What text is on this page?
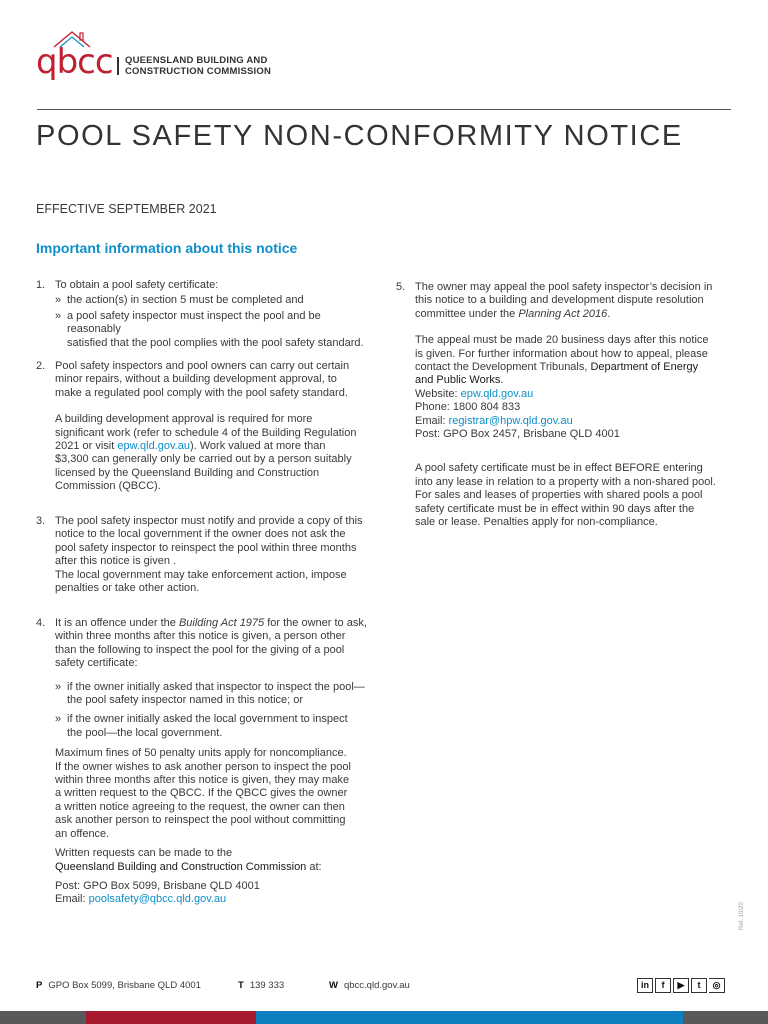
qbcc QUEENSLAND BUILDING AND
CONSTRUCTION COMMISSION
POOL SAFETY NON-CONFORMITY NOTICE
EFFECTIVE SEPTEMBER 2021
Important information about this notice
1. To obtain a pool safety certificate:

» the action(s) in section 5 must be completed and
» a pool safety inspector must inspect the pool and be reasonably
satisfied that the pool complies with the pool safety standard.
2. Pool safety inspectors and pool owners can carry out certain
minor repairs, without a building development approval, to
make a regulated pool comply with the pool safety standard.

A building development approval is required for more
significant work (refer to schedule 4 of the Building Regulation
2021 or visit epw.qld.gov.au). Work valued at more than
$3,300 can generally only be carried out by a person suitably
licensed by the Queensland Building and Construction
Commission (QBCC).

3. The pool safety inspector must notify and provide a copy of this
notice to the local government if the owner does not ask the
pool safety inspector to reinspect the pool within three months
after this notice is given .
The local government may take enforcement action, impose
penalties or take other action.

4. It is an offence under the Building Act 1975 for the owner to ask,
within three months after this notice is given, a person other
than the following to inspect the pool for the giving of a pool
safety certificate:

» if the owner initially asked that inspector to inspect the pool—
the pool safety inspector named in this notice; or
» if the owner initially asked the local government to inspect
the pool—the local government.

Maximum fines of 50 penalty units apply for noncompliance.
If the owner wishes to ask another person to inspect the pool
within three months after this notice is given, they may make
a written request to the QBCC. If the QBCC gives the owner
a written notice agreeing to the request, the owner can then
ask another person to reinspect the pool without committing
an offence.

Written requests can be made to the
Queensland Building and Construction Commission at:

Post: GPO Box 5099, Brisbane QLD 4001
Email: poolsafety@qbcc.qld.gov.au

5. The owner may appeal the pool safety inspector’s decision in
this notice to a building and development dispute resolution
committee under the Planning Act 2016.

The appeal must be made 20 business days after this notice
is given. For further information about how to appeal, please
contact the Development Tribunals, Department of Energy
and Public Works.

Website: epw.qld.gov.au
Phone: 1800 804 833
Email: registrar@hpw.qld.gov.au
Post: GPO Box 2457, Brisbane QLD 4001

A pool safety certificate must be in effect BEFORE entering
into any lease in relation to a property with a non-shared pool.
For sales and leases of properties with shared pools a pool
safety certificate must be in effect within 90 days after the
sale or lease. Penalties apply for non-compliance.

Ref. 10/20
P GPO Box 5099, Brisbane QLD 4001	T 139 333	W qbcc.qld.gov.au	in	f	▶	t	◎
